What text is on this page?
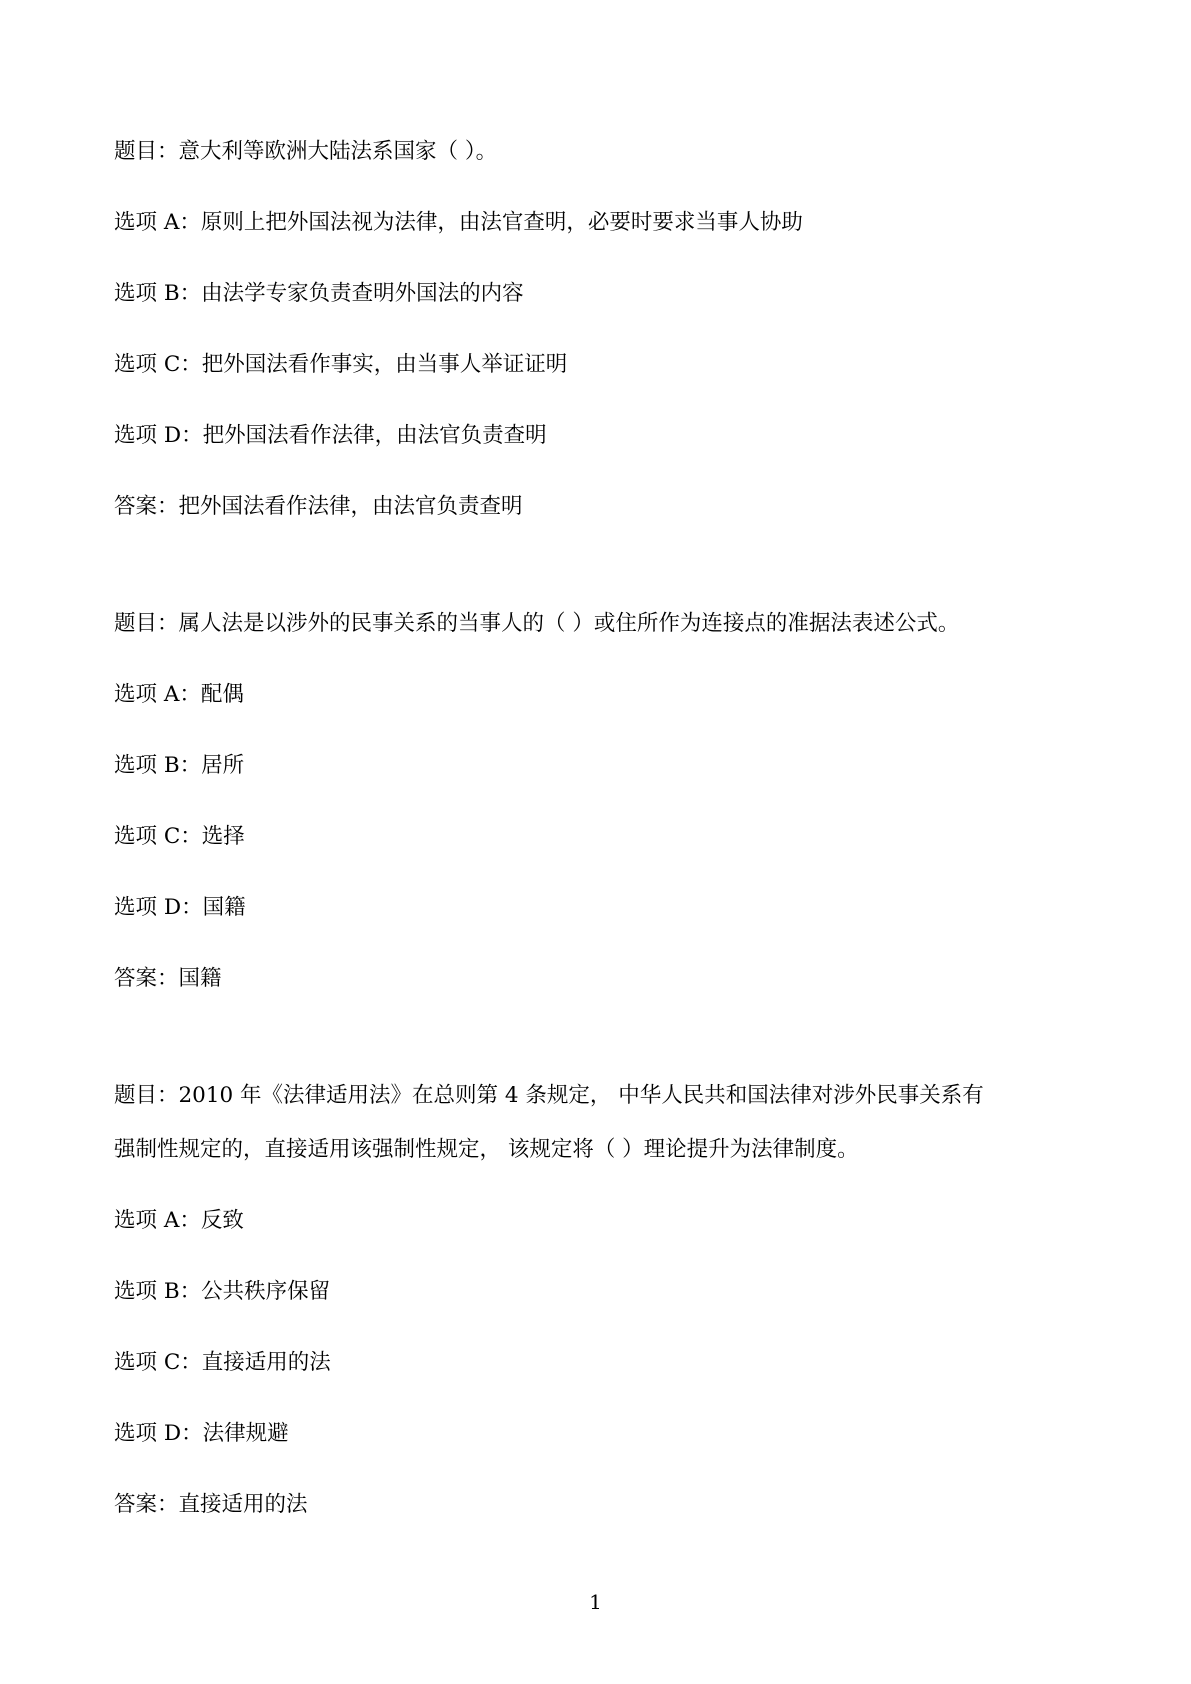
题目：意大利等欧洲大陆法系国家（ ）。
选项 A：原则上把外国法视为法律，由法官查明，必要时要求当事人协助
选项 B：由法学专家负责查明外国法的内容
选项 C：把外国法看作事实，由当事人举证证明
选项 D：把外国法看作法律，由法官负责查明
答案：把外国法看作法律，由法官负责查明
题目：属人法是以涉外的民事关系的当事人的（ ）或住所作为连接点的准据法表述公式。
选项 A：配偶
选项 B：居所
选项 C：选择
选项 D：国籍
答案：国籍
题目：2010 年《法律适用法》在总则第 4 条规定， 中华人民共和国法律对涉外民事关系有
强制性规定的，直接适用该强制性规定， 该规定将（ ）理论提升为法律制度。
选项 A：反致
选项 B：公共秩序保留
选项 C：直接适用的法
选项 D：法律规避
答案：直接适用的法
1
